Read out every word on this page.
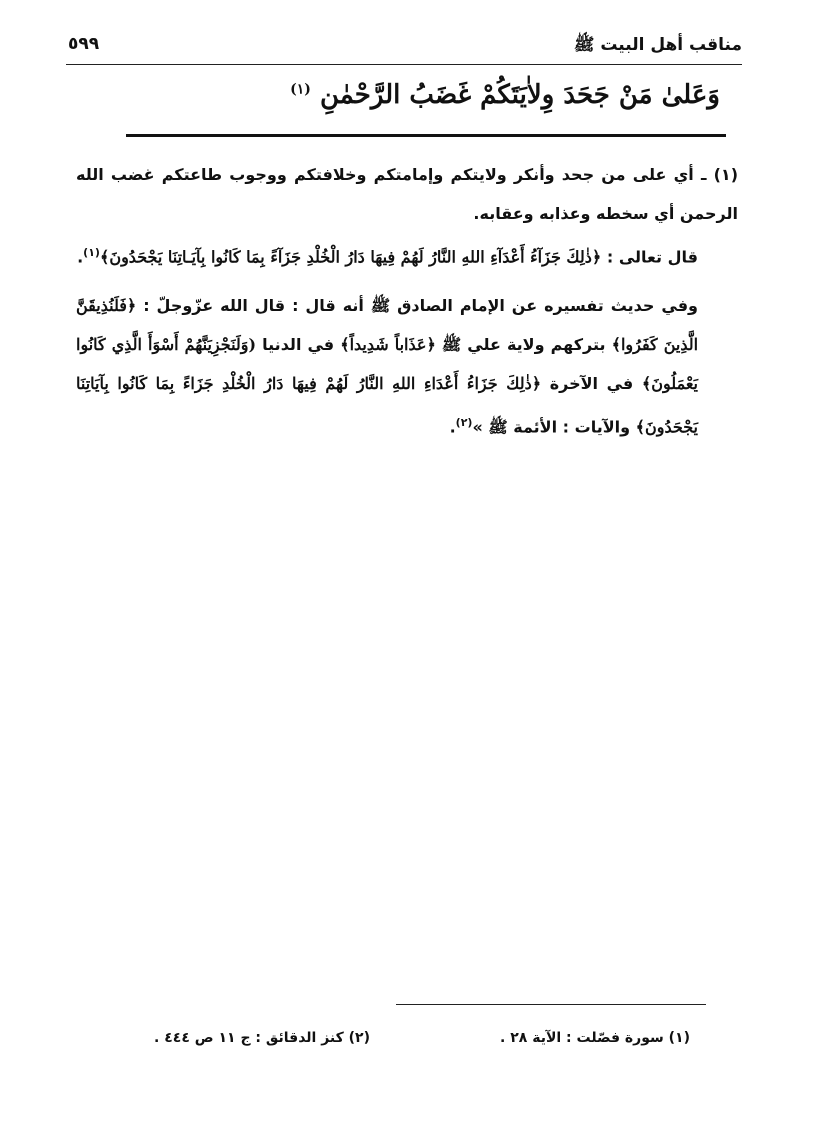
مناقب أهل البيت ﷺ
٥٩٩
وَعَلىٰ مَنْ جَحَدَ وِلاٰيَتَكُمْ غَضَبُ الرَّحْمٰنِ $^{(١)}$

(١) ـ أي على من جحد وأنكر ولايتكم وإمامتكم وخلافتكم ووجوب طاعتكم غضب الله الرحمن أي سخطه وعذابه وعقابه.

قال تعالى : ﴿ذٰلِكَ جَزَآءُ أَعْدَآءِ اللهِ النَّارُ لَهُمْ فِيهَا دَارُ الْخُلْدِ جَزَآءً بِمَا كَانُوا بِآيَـاتِنَا يَجْحَدُونَ﴾$^{(١)}$.

وفي حديث تفسيره عن الإمام الصادق ﷺ أنه قال : قال الله عزّوجلّ : ﴿فَلَنُذِيقَنَّ الَّذِينَ كَفَرُوا﴾ بتركهم ولاية علي ﷺ ﴿عَذَاباً شَدِيداً﴾ في الدنيا (وَلَنَجْزِيَنَّهُمْ أَسْوَأَ الَّذِي كَانُوا يَعْمَلُونَ﴾ في الآخرة ﴿ذٰلِكَ جَزَاءُ أَعْدَاءِ اللهِ النَّارُ لَهُمْ فِيهَا دَارُ الْخُلْدِ جَزَاءً بِمَا كَانُوا بِآيَاتِنَا يَجْحَدُونَ﴾ والآيات : الأئمة ﷺ »$^{(٢)}$.

(١) سورة فصّلت : الآية ٢٨ .
(٢) كنز الدقائق : ج ١١ ص ٤٤٤ .
